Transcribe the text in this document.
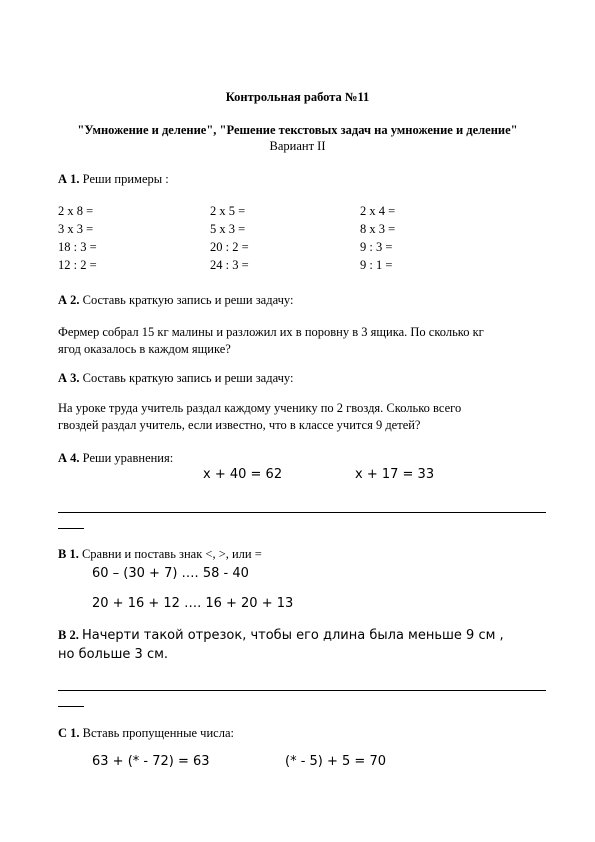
Контрольная работа №11
"Умножение и деление", "Решение текстовых задач на умножение и деление"
Вариант II
А 1. Реши примеры :
2 х 8 =	2 х 5 =	2 х 4 =
3 х 3 =	5 х 3 =	8 х 3 =
18 : 3 =	20 : 2 =	9 : 3 =
12 : 2 =	24 : 3 =	9 : 1 =
А 2. Составь краткую запись и реши задачу:
Фермер собрал 15 кг малины и разложил их в поровну в 3 ящика. По сколько кг
ягод оказалось в каждом ящике?
А 3. Составь краткую запись и реши задачу:
На уроке труда учитель раздал каждому ученику по 2 гвоздя. Сколько всего
гвоздей раздал учитель, если известно, что в классе учится 9 детей?
А 4. Реши уравнения:
x + 40 = 62	x + 17 = 33
В 1. Сравни и поставь знак <, >, или =
60 – (30 + 7) …. 58 - 40
20 + 16 + 12 …. 16 + 20 + 13
В 2. Начерти такой отрезок, чтобы его длина была меньше 9 см ,
но больше 3 см.
С 1. Вставь пропущенные числа:
63 + (* - 72) = 63	(* - 5) + 5 = 70
